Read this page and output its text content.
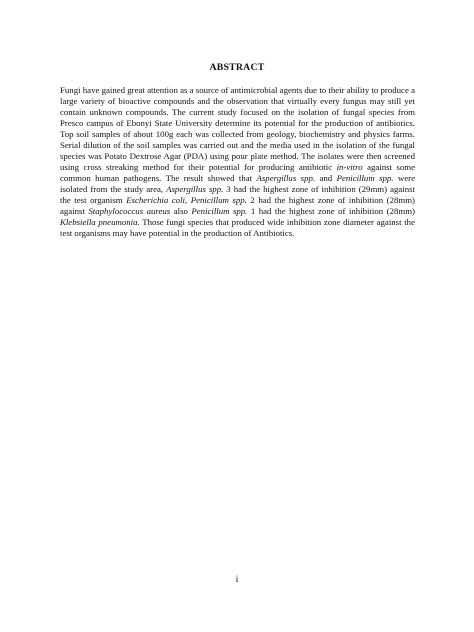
ABSTRACT

Fungi have gained great attention as a source of antimicrobial agents due to their ability to produce a large variety of bioactive compounds and the observation that virtually every fungus may still yet contain unknown compounds. The current study focused on the isolation of fungal species from Presco campus of Ebonyi State University determine its potential for the production of antibiotics. Top soil samples of about 100g each was collected from geology, biochemistry and physics farms. Serial dilution of the soil samples was carried out and the media used in the isolation of the fungal species was Potato Dextrose Agar (PDA) using pour plate method. The isolates were then screened using cross streaking method for their potential for producing antibiotic in-vitro against some common human pathogens. The result showed that Aspergillus spp. and Penicillum spp. were isolated from the study area, Aspergillus spp. 3 had the highest zone of inhibition (29mm) against the test organism Escherichia coli, Penicillum spp. 2 had the highest zone of inhibition (28mm) against Staphylococcus aureus also Penicillum spp. 1 had the highest zone of inhibition (28mm) Klebsiella pneumonia. Those fungi species that produced wide inhibition zone diameter against the test organisms may have potential in the production of Antibiotics.

i
